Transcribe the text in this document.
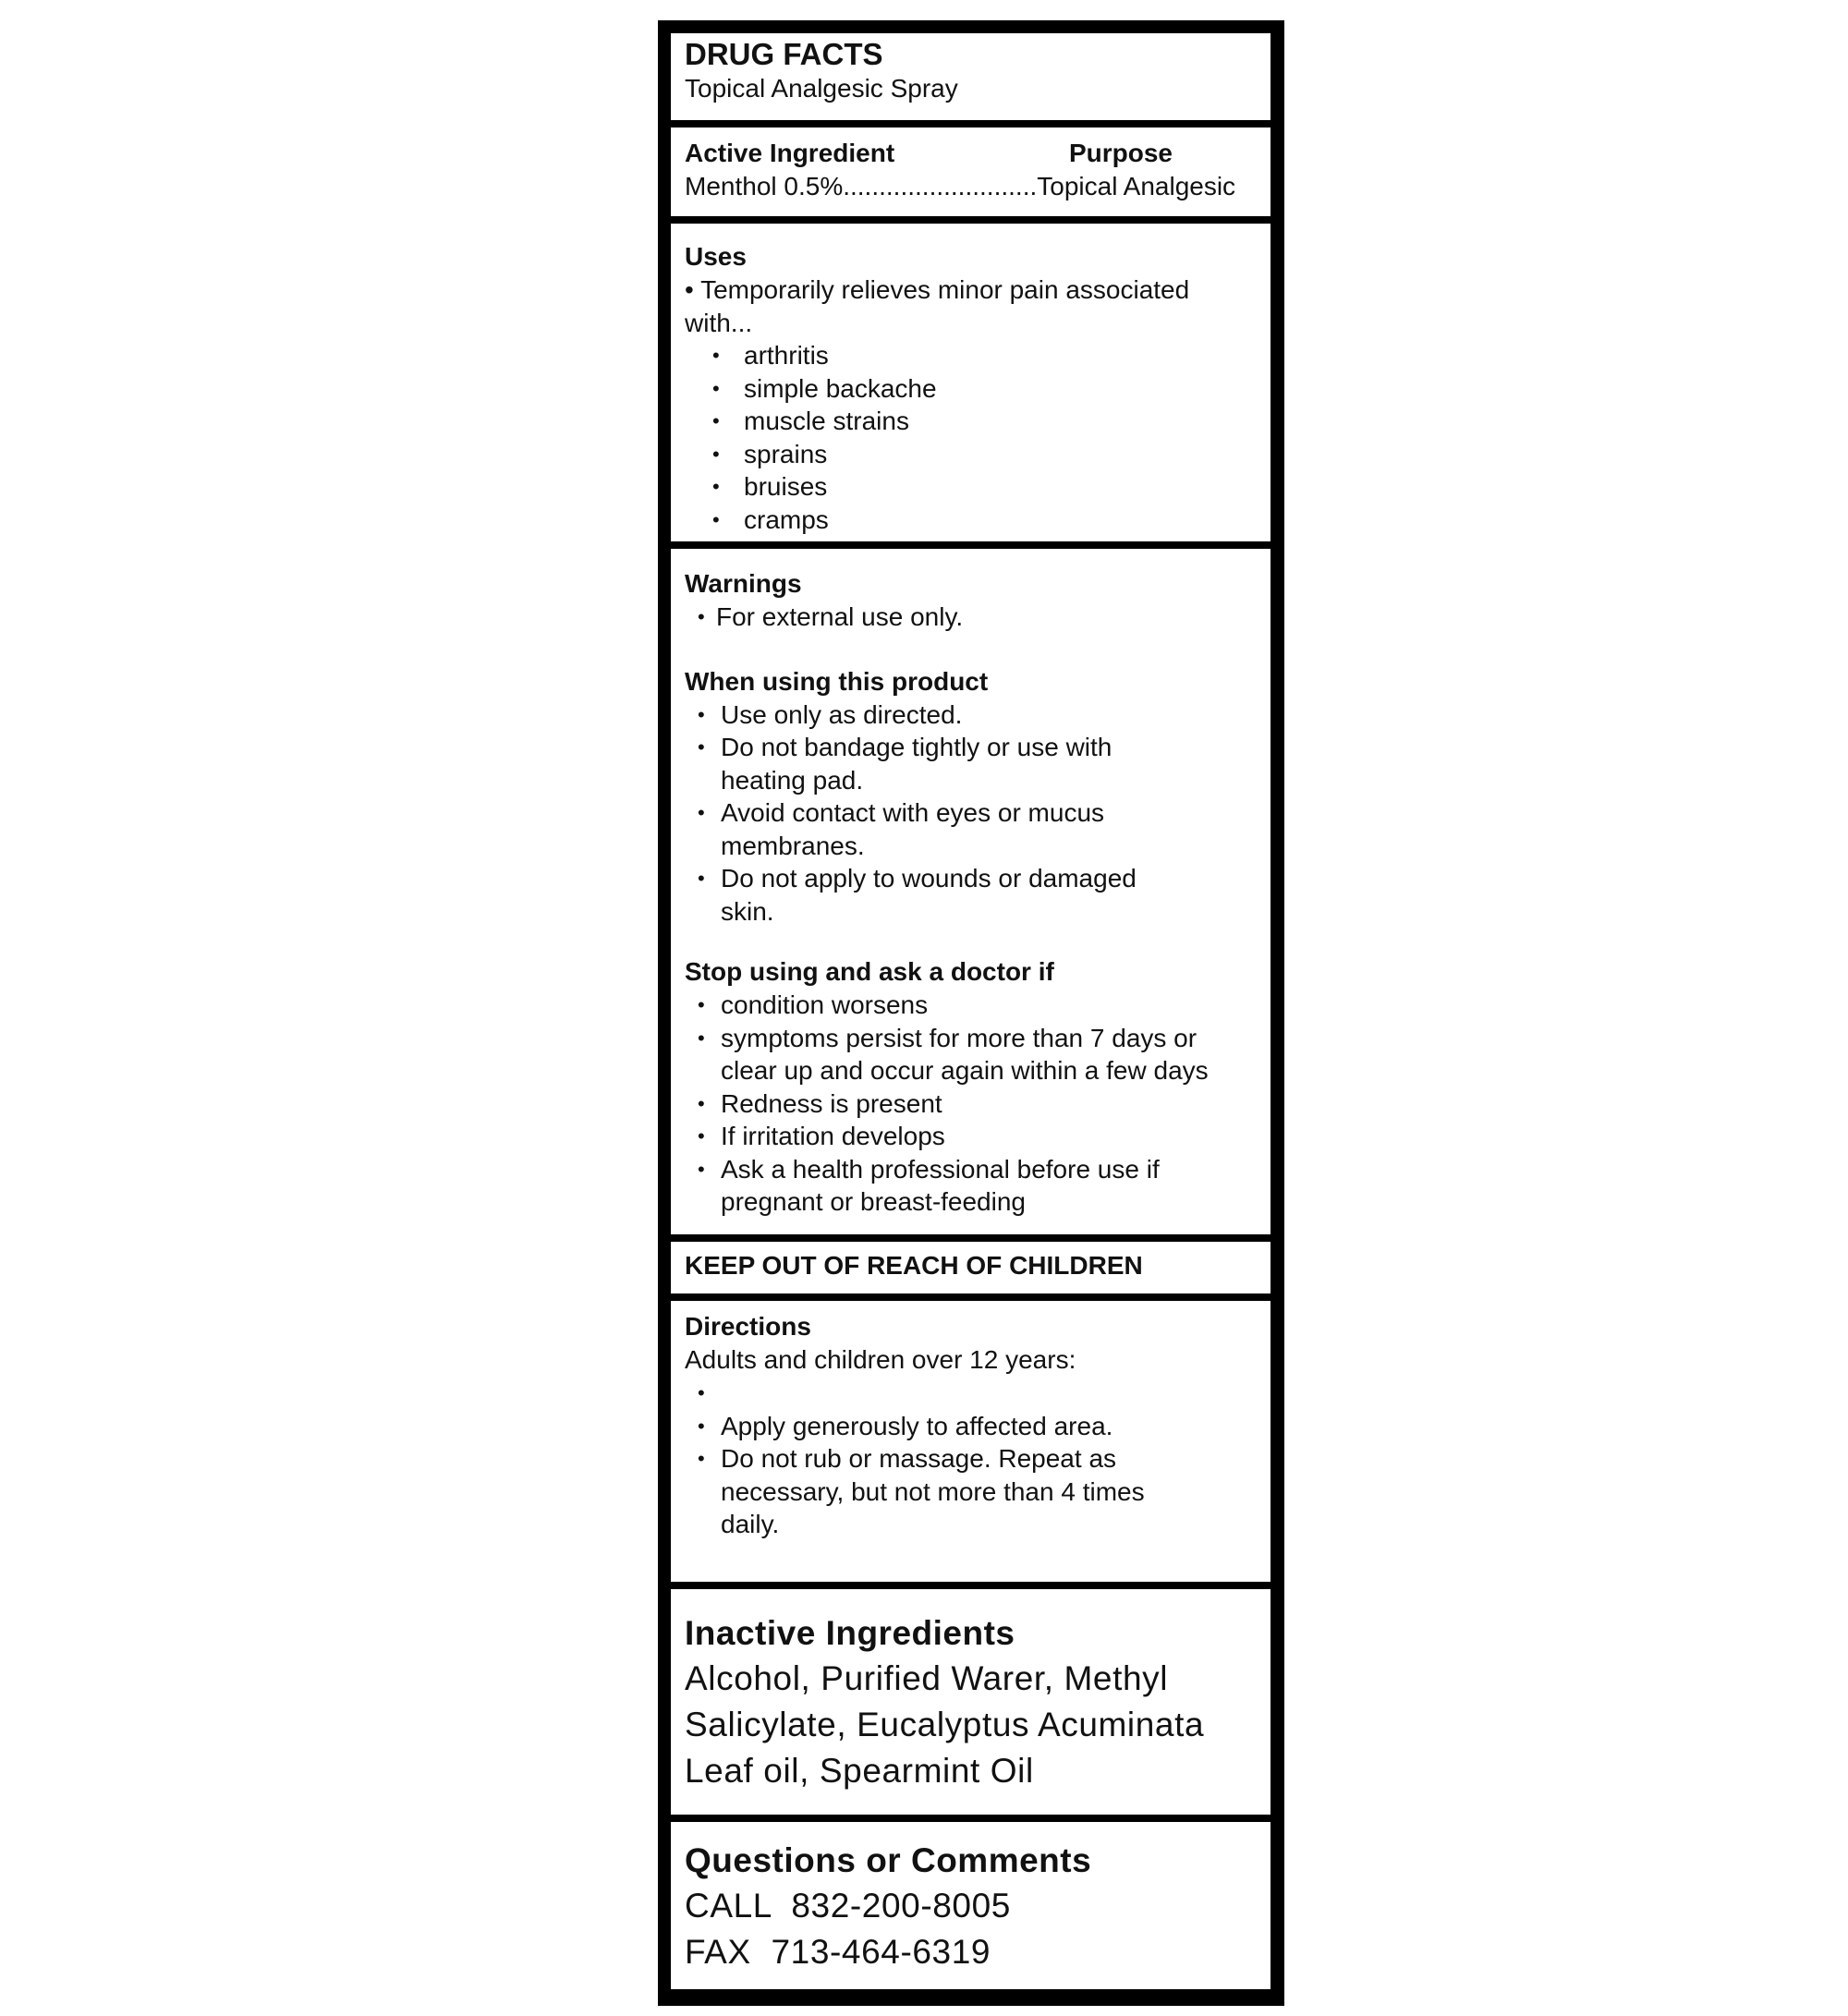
DRUG FACTS
Topical Analgesic Spray
Active Ingredient	Purpose
Menthol 0.5%...........................Topical Analgesic
Uses
• Temporarily relieves minor pain associated with...
• arthritis
• simple backache
• muscle strains
• sprains
• bruises
• cramps
Warnings
• For external use only.
When using this product
• Use only as directed.
• Do not bandage tightly or use with heating pad.
• Avoid contact with eyes or mucus membranes.
• Do not apply to wounds or damaged skin.
Stop using and ask a doctor if
• condition worsens
• symptoms persist for more than 7 days or clear up and occur again within a few days
• Redness is present
• If irritation develops
• Ask a health professional before use if pregnant or breast-feeding
KEEP OUT OF REACH OF CHILDREN
Directions
Adults and children over 12 years:
•
• Apply generously to affected area.
• Do not rub or massage. Repeat as necessary, but not more than 4 times daily.
Inactive Ingredients
Alcohol, Purified Warer, Methyl Salicylate, Eucalyptus Acuminata Leaf oil, Spearmint Oil
Questions or Comments
CALL  832-200-8005
FAX  713-464-6319
